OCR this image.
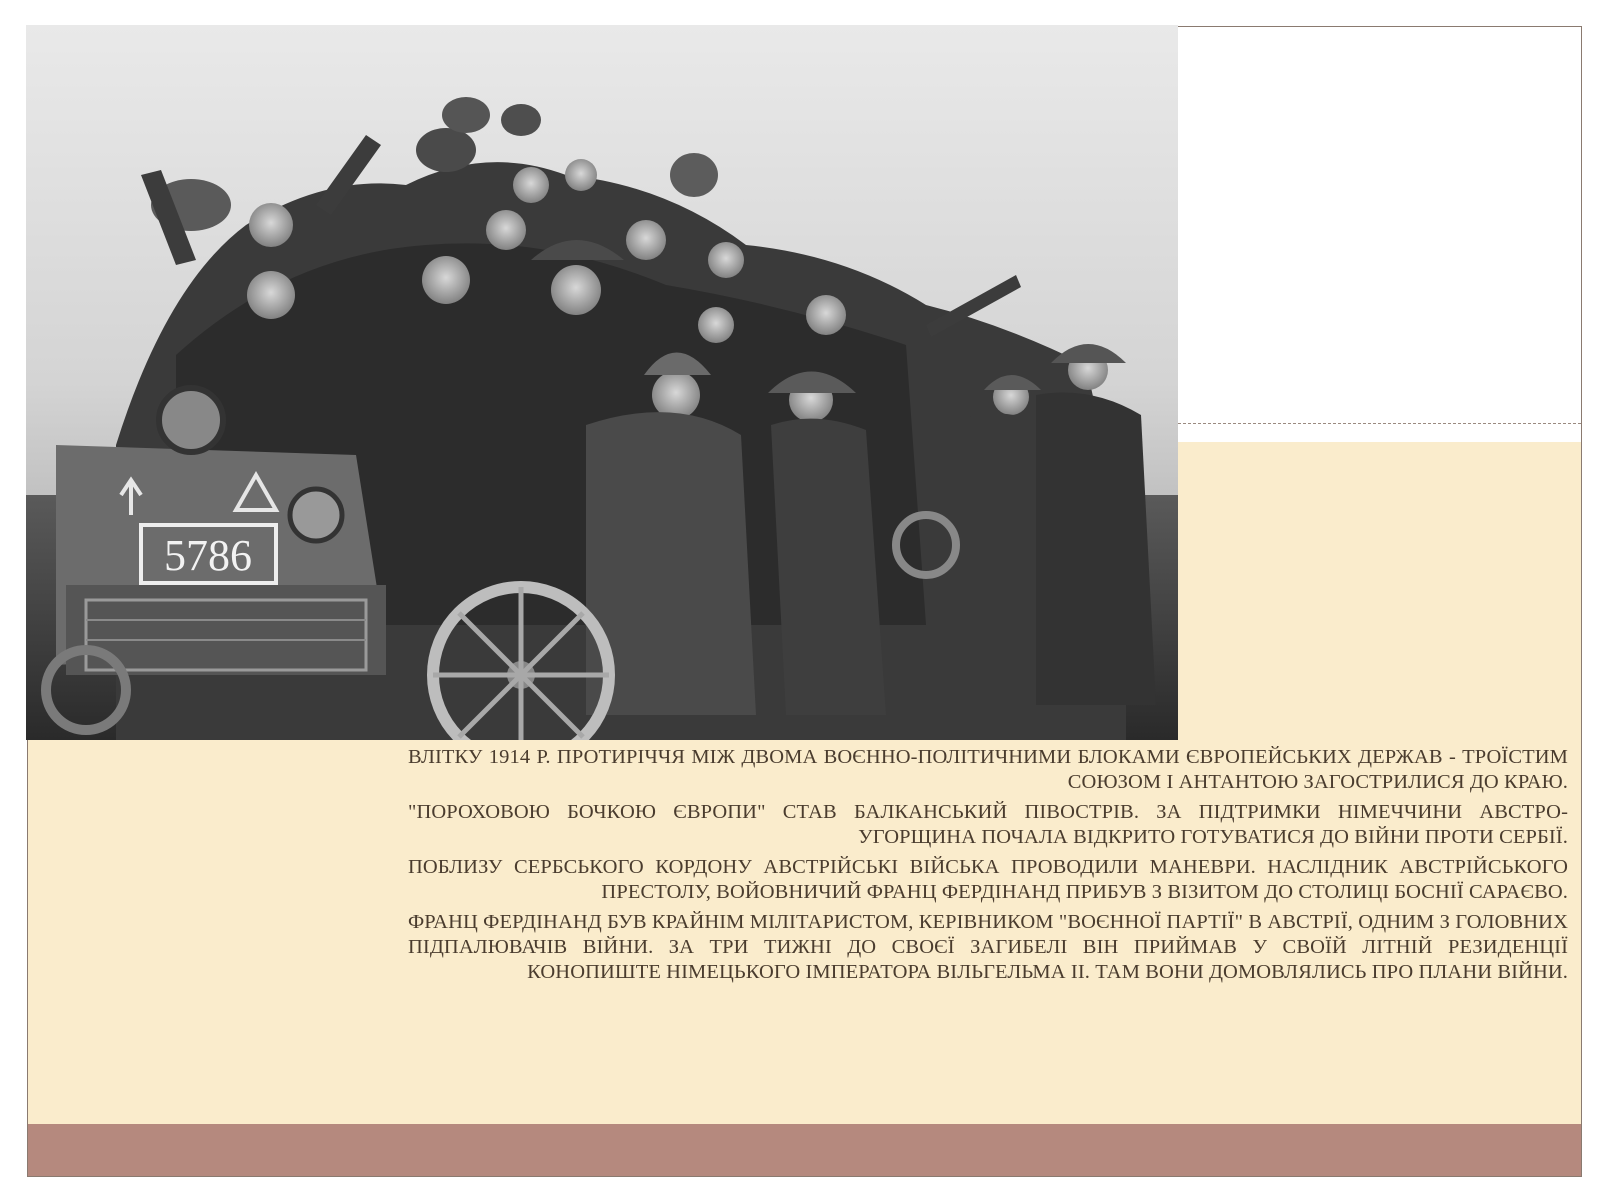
5786

ВЛІТКУ 1914 Р. ПРОТИРІЧЧЯ МІЖ ДВОМА ВОЄННО-ПОЛІТИЧНИМИ БЛОКАМИ ЄВРОПЕЙСЬКИХ ДЕРЖАВ - ТРОЇСТИМ СОЮЗОМ І АНТАНТОЮ ЗАГОСТРИЛИСЯ ДО КРАЮ.

"ПОРОХОВОЮ БОЧКОЮ ЄВРОПИ" СТАВ БАЛКАНСЬКИЙ ПІВОСТРІВ. ЗА ПІДТРИМКИ НІМЕЧЧИНИ АВСТРО-УГОРЩИНА ПОЧАЛА ВІДКРИТО ГОТУВАТИСЯ ДО ВІЙНИ ПРОТИ СЕРБІЇ.

ПОБЛИЗУ СЕРБСЬКОГО КОРДОНУ АВСТРІЙСЬКІ ВІЙСЬКА ПРОВОДИЛИ МАНЕВРИ. НАСЛІДНИК АВСТРІЙСЬКОГО ПРЕСТОЛУ, ВОЙОВНИЧИЙ ФРАНЦ ФЕРДІНАНД ПРИБУВ З ВІЗИТОМ ДО СТОЛИЦІ БОСНІЇ САРАЄВО.

ФРАНЦ ФЕРДІНАНД БУВ КРАЙНІМ МІЛІТАРИСТОМ, КЕРІВНИКОМ "ВОЄННОЇ ПАРТІЇ" В АВСТРІЇ, ОДНИМ З ГОЛОВНИХ ПІДПАЛЮВАЧІВ ВІЙНИ. ЗА ТРИ ТИЖНІ ДО СВОЄЇ ЗАГИБЕЛІ ВІН ПРИЙМАВ У СВОЇЙ ЛІТНІЙ РЕЗИДЕНЦІЇ КОНОПИШТЕ НІМЕЦЬКОГО ІМПЕРАТОРА ВІЛЬГЕЛЬМА ІІ. ТАМ ВОНИ ДОМОВЛЯЛИСЬ ПРО ПЛАНИ ВІЙНИ.
